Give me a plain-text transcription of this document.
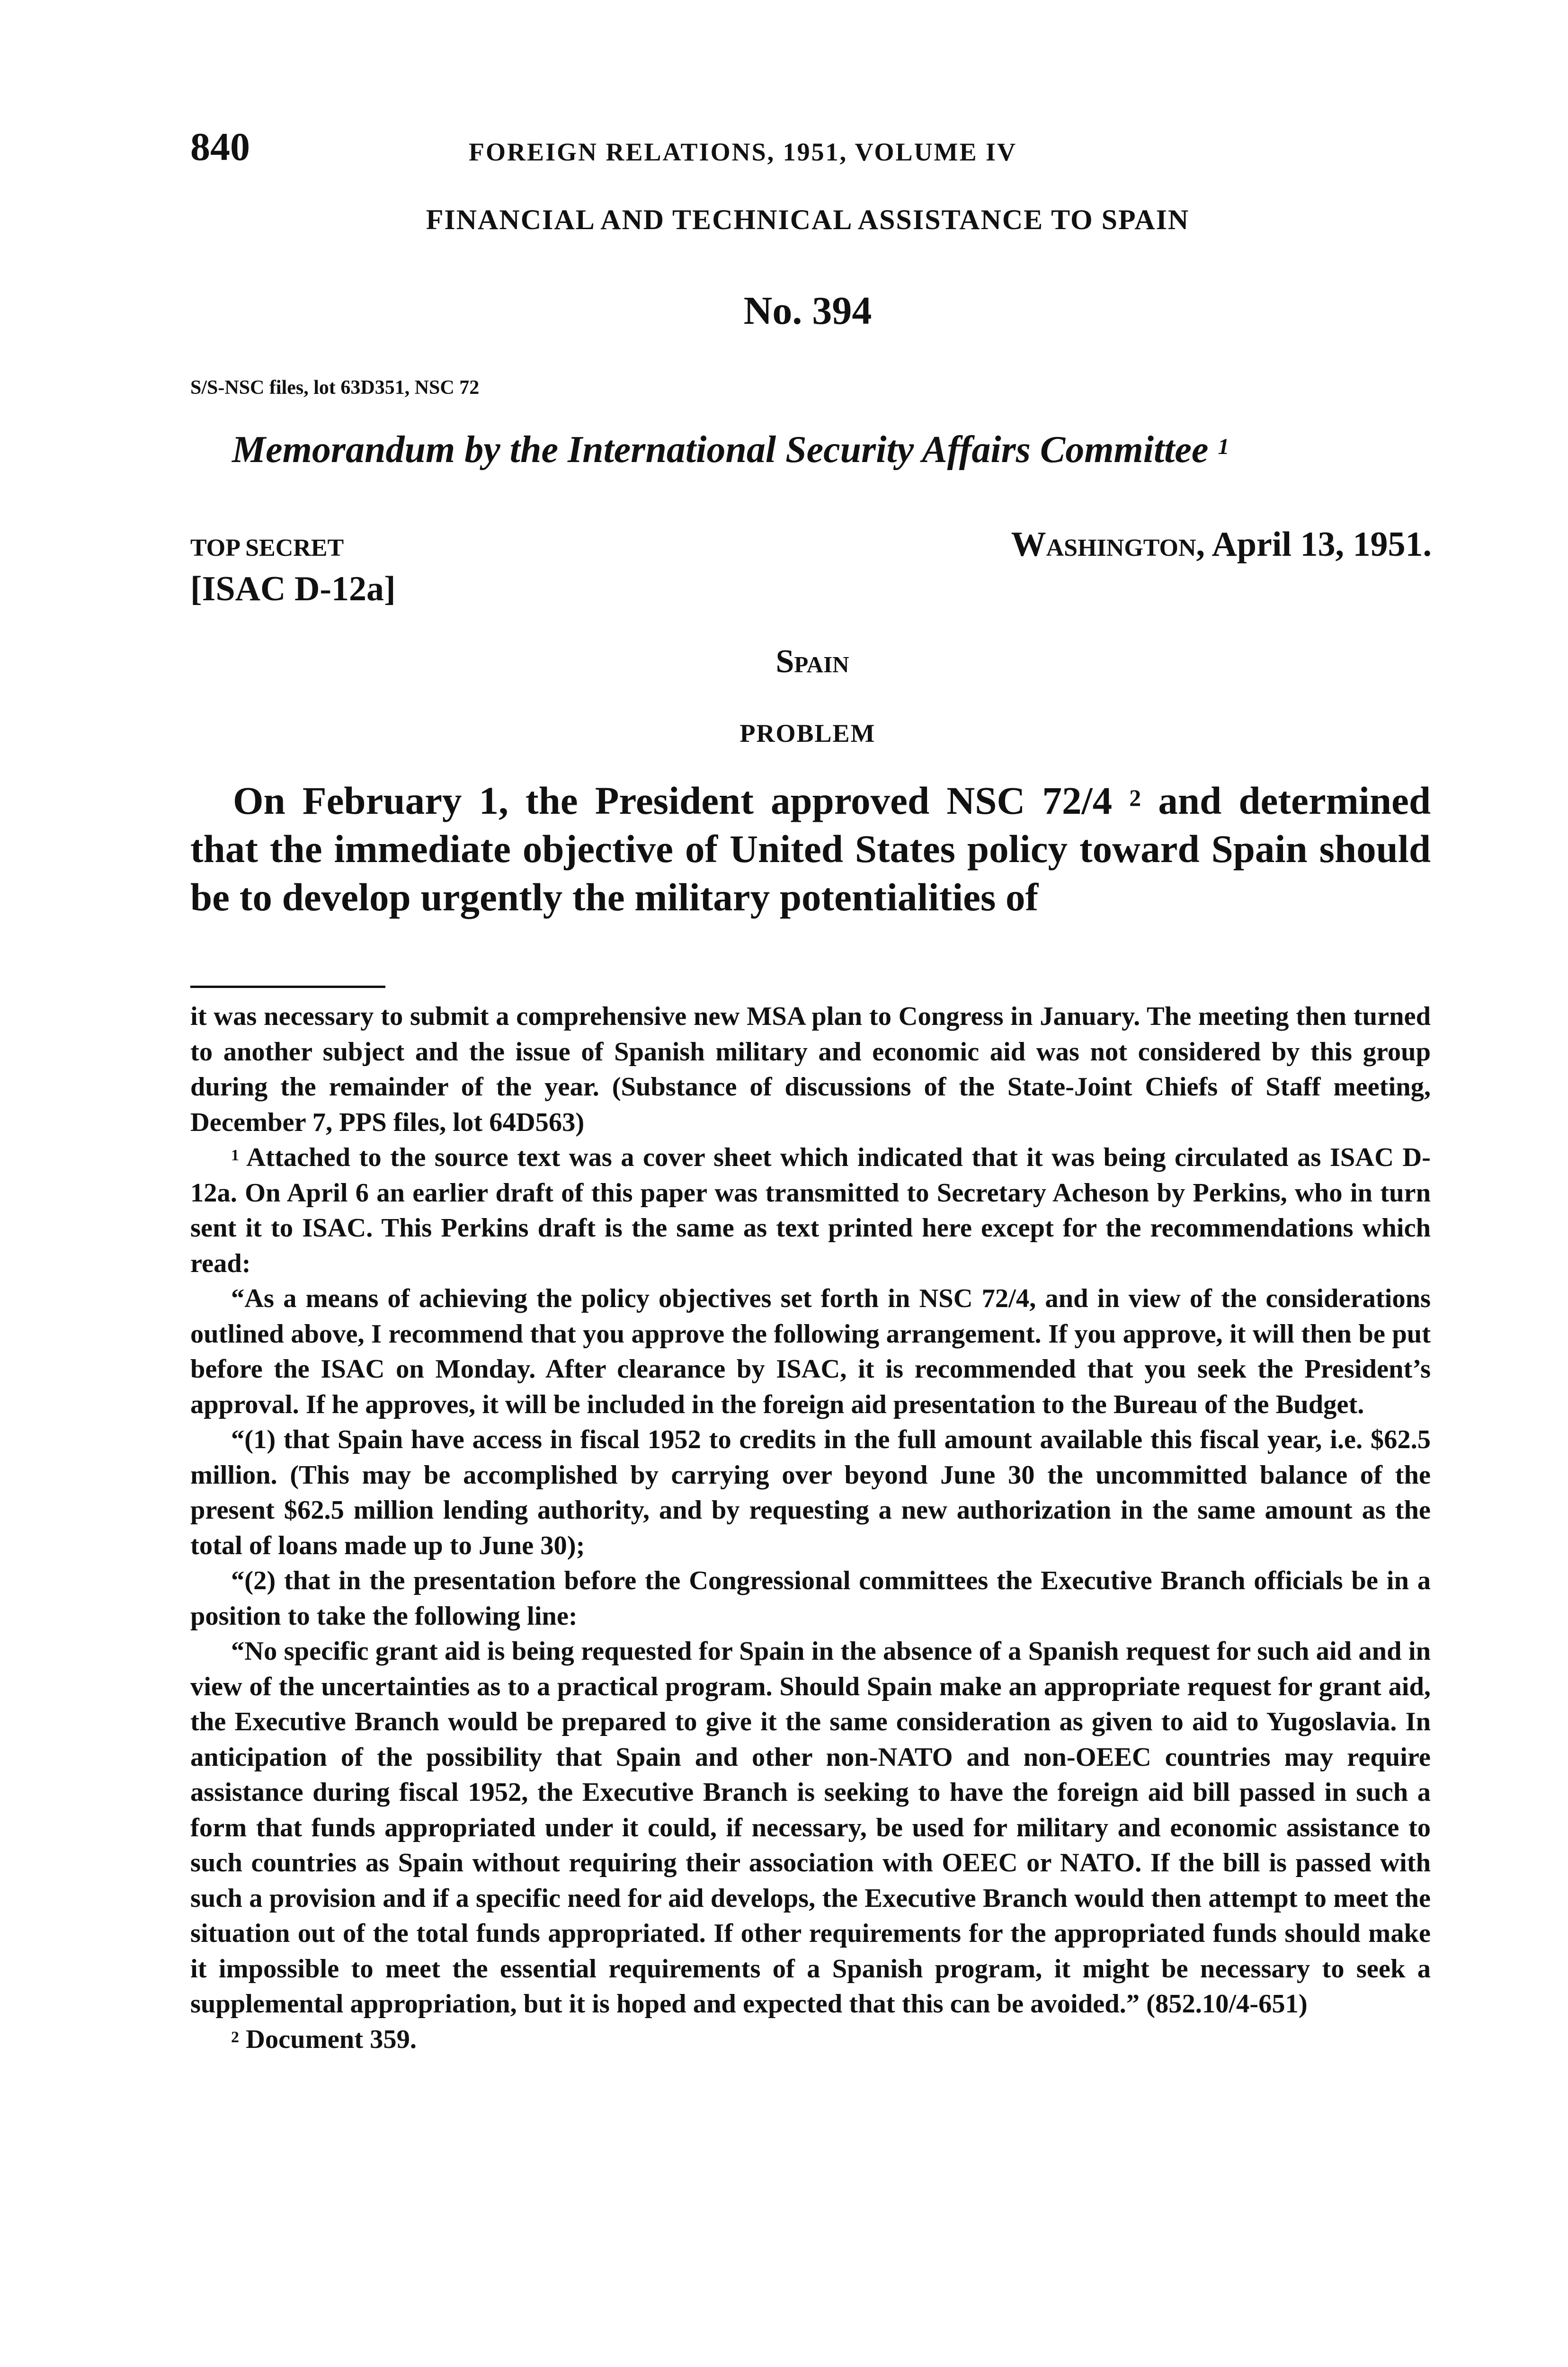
840	FOREIGN RELATIONS, 1951, VOLUME IV
FINANCIAL AND TECHNICAL ASSISTANCE TO SPAIN
No. 394
S/S-NSC files, lot 63D351, NSC 72
Memorandum by the International Security Affairs Committee $^1$
TOP SECRET	Washington, April 13, 1951.
[ISAC D-12a]
Spain
PROBLEM

On February 1, the President approved NSC 72/4 $^2$ and determined that the immediate objective of United States policy toward Spain should be to develop urgently the military potentialities of

it was necessary to submit a comprehensive new MSA plan to Congress in January. The meeting then turned to another subject and the issue of Spanish military and economic aid was not considered by this group during the remainder of the year. (Substance of discussions of the State-Joint Chiefs of Staff meeting, December 7, PPS files, lot 64D563)

$^1$ Attached to the source text was a cover sheet which indicated that it was being circulated as ISAC D-12a. On April 6 an earlier draft of this paper was transmitted to Secretary Acheson by Perkins, who in turn sent it to ISAC. This Perkins draft is the same as text printed here except for the recommendations which read:

“As a means of achieving the policy objectives set forth in NSC 72/4, and in view of the considerations outlined above, I recommend that you approve the following arrangement. If you approve, it will then be put before the ISAC on Monday. After clearance by ISAC, it is recommended that you seek the President’s approval. If he approves, it will be included in the foreign aid presentation to the Bureau of the Budget.

“(1) that Spain have access in fiscal 1952 to credits in the full amount available this fiscal year, i.e. $62.5 million. (This may be accomplished by carrying over beyond June 30 the uncommitted balance of the present $62.5 million lending authority, and by requesting a new authorization in the same amount as the total of loans made up to June 30);

“(2) that in the presentation before the Congressional committees the Executive Branch officials be in a position to take the following line:

“No specific grant aid is being requested for Spain in the absence of a Spanish request for such aid and in view of the uncertainties as to a practical program. Should Spain make an appropriate request for grant aid, the Executive Branch would be prepared to give it the same consideration as given to aid to Yugoslavia. In anticipation of the possibility that Spain and other non-NATO and non-OEEC countries may require assistance during fiscal 1952, the Executive Branch is seeking to have the foreign aid bill passed in such a form that funds appropriated under it could, if necessary, be used for military and economic assistance to such countries as Spain without requiring their association with OEEC or NATO. If the bill is passed with such a provision and if a specific need for aid develops, the Executive Branch would then attempt to meet the situation out of the total funds appropriated. If other requirements for the appropriated funds should make it impossible to meet the essential requirements of a Spanish program, it might be necessary to seek a supplemental appropriation, but it is hoped and expected that this can be avoided.” (852.10/4-651)

$^2$ Document 359.
